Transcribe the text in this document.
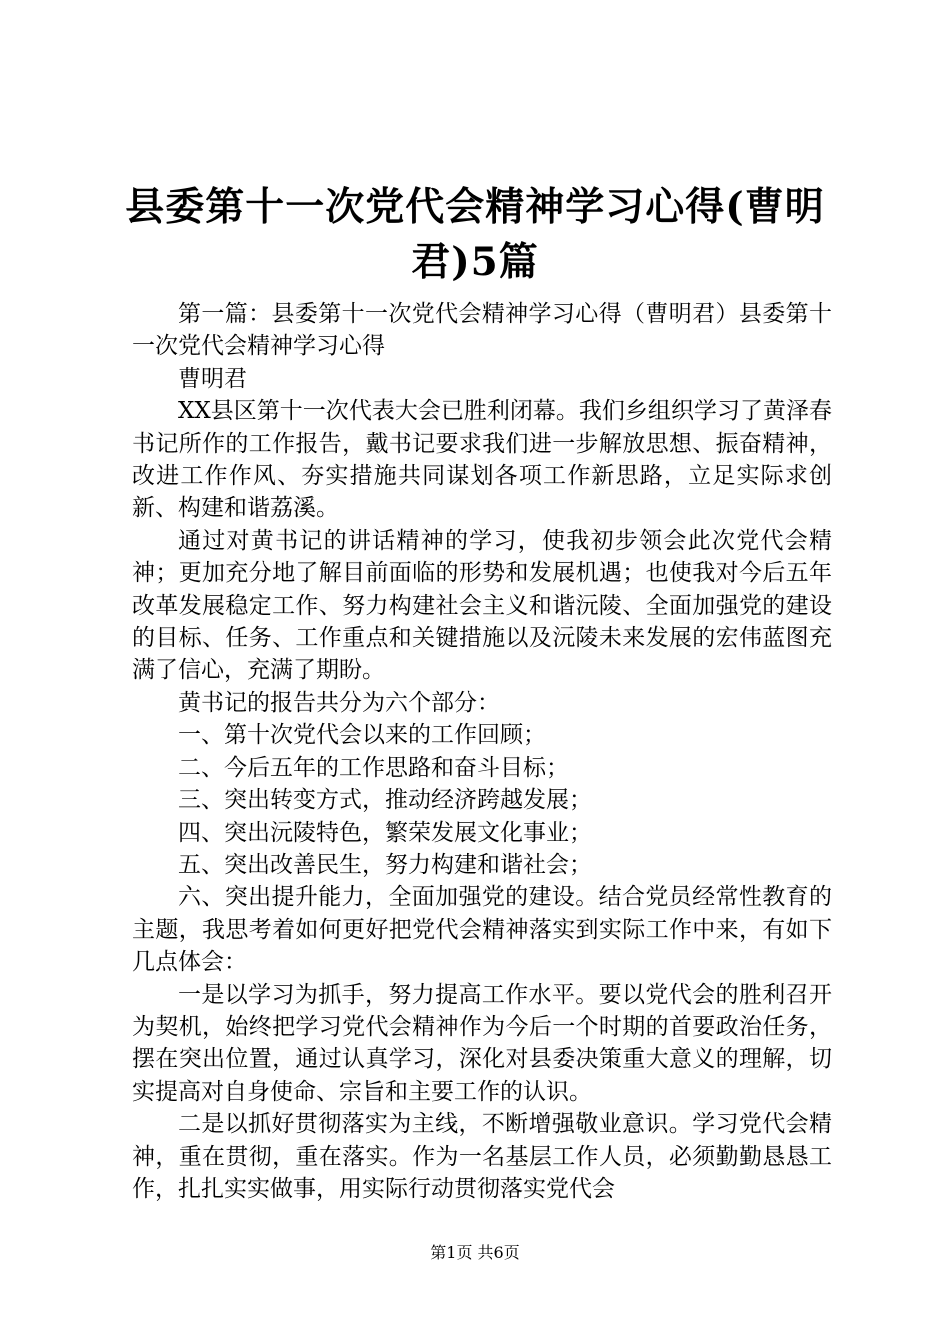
县委第十一次党代会精神学习心得(曹明君)5篇

第一篇：县委第十一次党代会精神学习心得（曹明君）县委第十一次党代会精神学习心得

曹明君

XX县区第十一次代表大会已胜利闭幕。我们乡组织学习了黄泽春书记所作的工作报告，戴书记要求我们进一步解放思想、振奋精神，改进工作作风、夯实措施共同谋划各项工作新思路，立足实际求创新、构建和谐荔溪。

通过对黄书记的讲话精神的学习，使我初步领会此次党代会精神；更加充分地了解目前面临的形势和发展机遇；也使我对今后五年改革发展稳定工作、努力构建社会主义和谐沅陵、全面加强党的建设的目标、任务、工作重点和关键措施以及沅陵未来发展的宏伟蓝图充满了信心，充满了期盼。

黄书记的报告共分为六个部分：

一、第十次党代会以来的工作回顾；

二、今后五年的工作思路和奋斗目标；

三、突出转变方式，推动经济跨越发展；

四、突出沅陵特色，繁荣发展文化事业；

五、突出改善民生，努力构建和谐社会；

六、突出提升能力，全面加强党的建设。结合党员经常性教育的主题，我思考着如何更好把党代会精神落实到实际工作中来，有如下几点体会：

一是以学习为抓手，努力提高工作水平。要以党代会的胜利召开为契机，始终把学习党代会精神作为今后一个时期的首要政治任务，摆在突出位置，通过认真学习，深化对县委决策重大意义的理解，切实提高对自身使命、宗旨和主要工作的认识。

二是以抓好贯彻落实为主线，不断增强敬业意识。学习党代会精神，重在贯彻，重在落实。作为一名基层工作人员，必须勤勤恳恳工作，扎扎实实做事，用实际行动贯彻落实党代会

第1页 共6页
